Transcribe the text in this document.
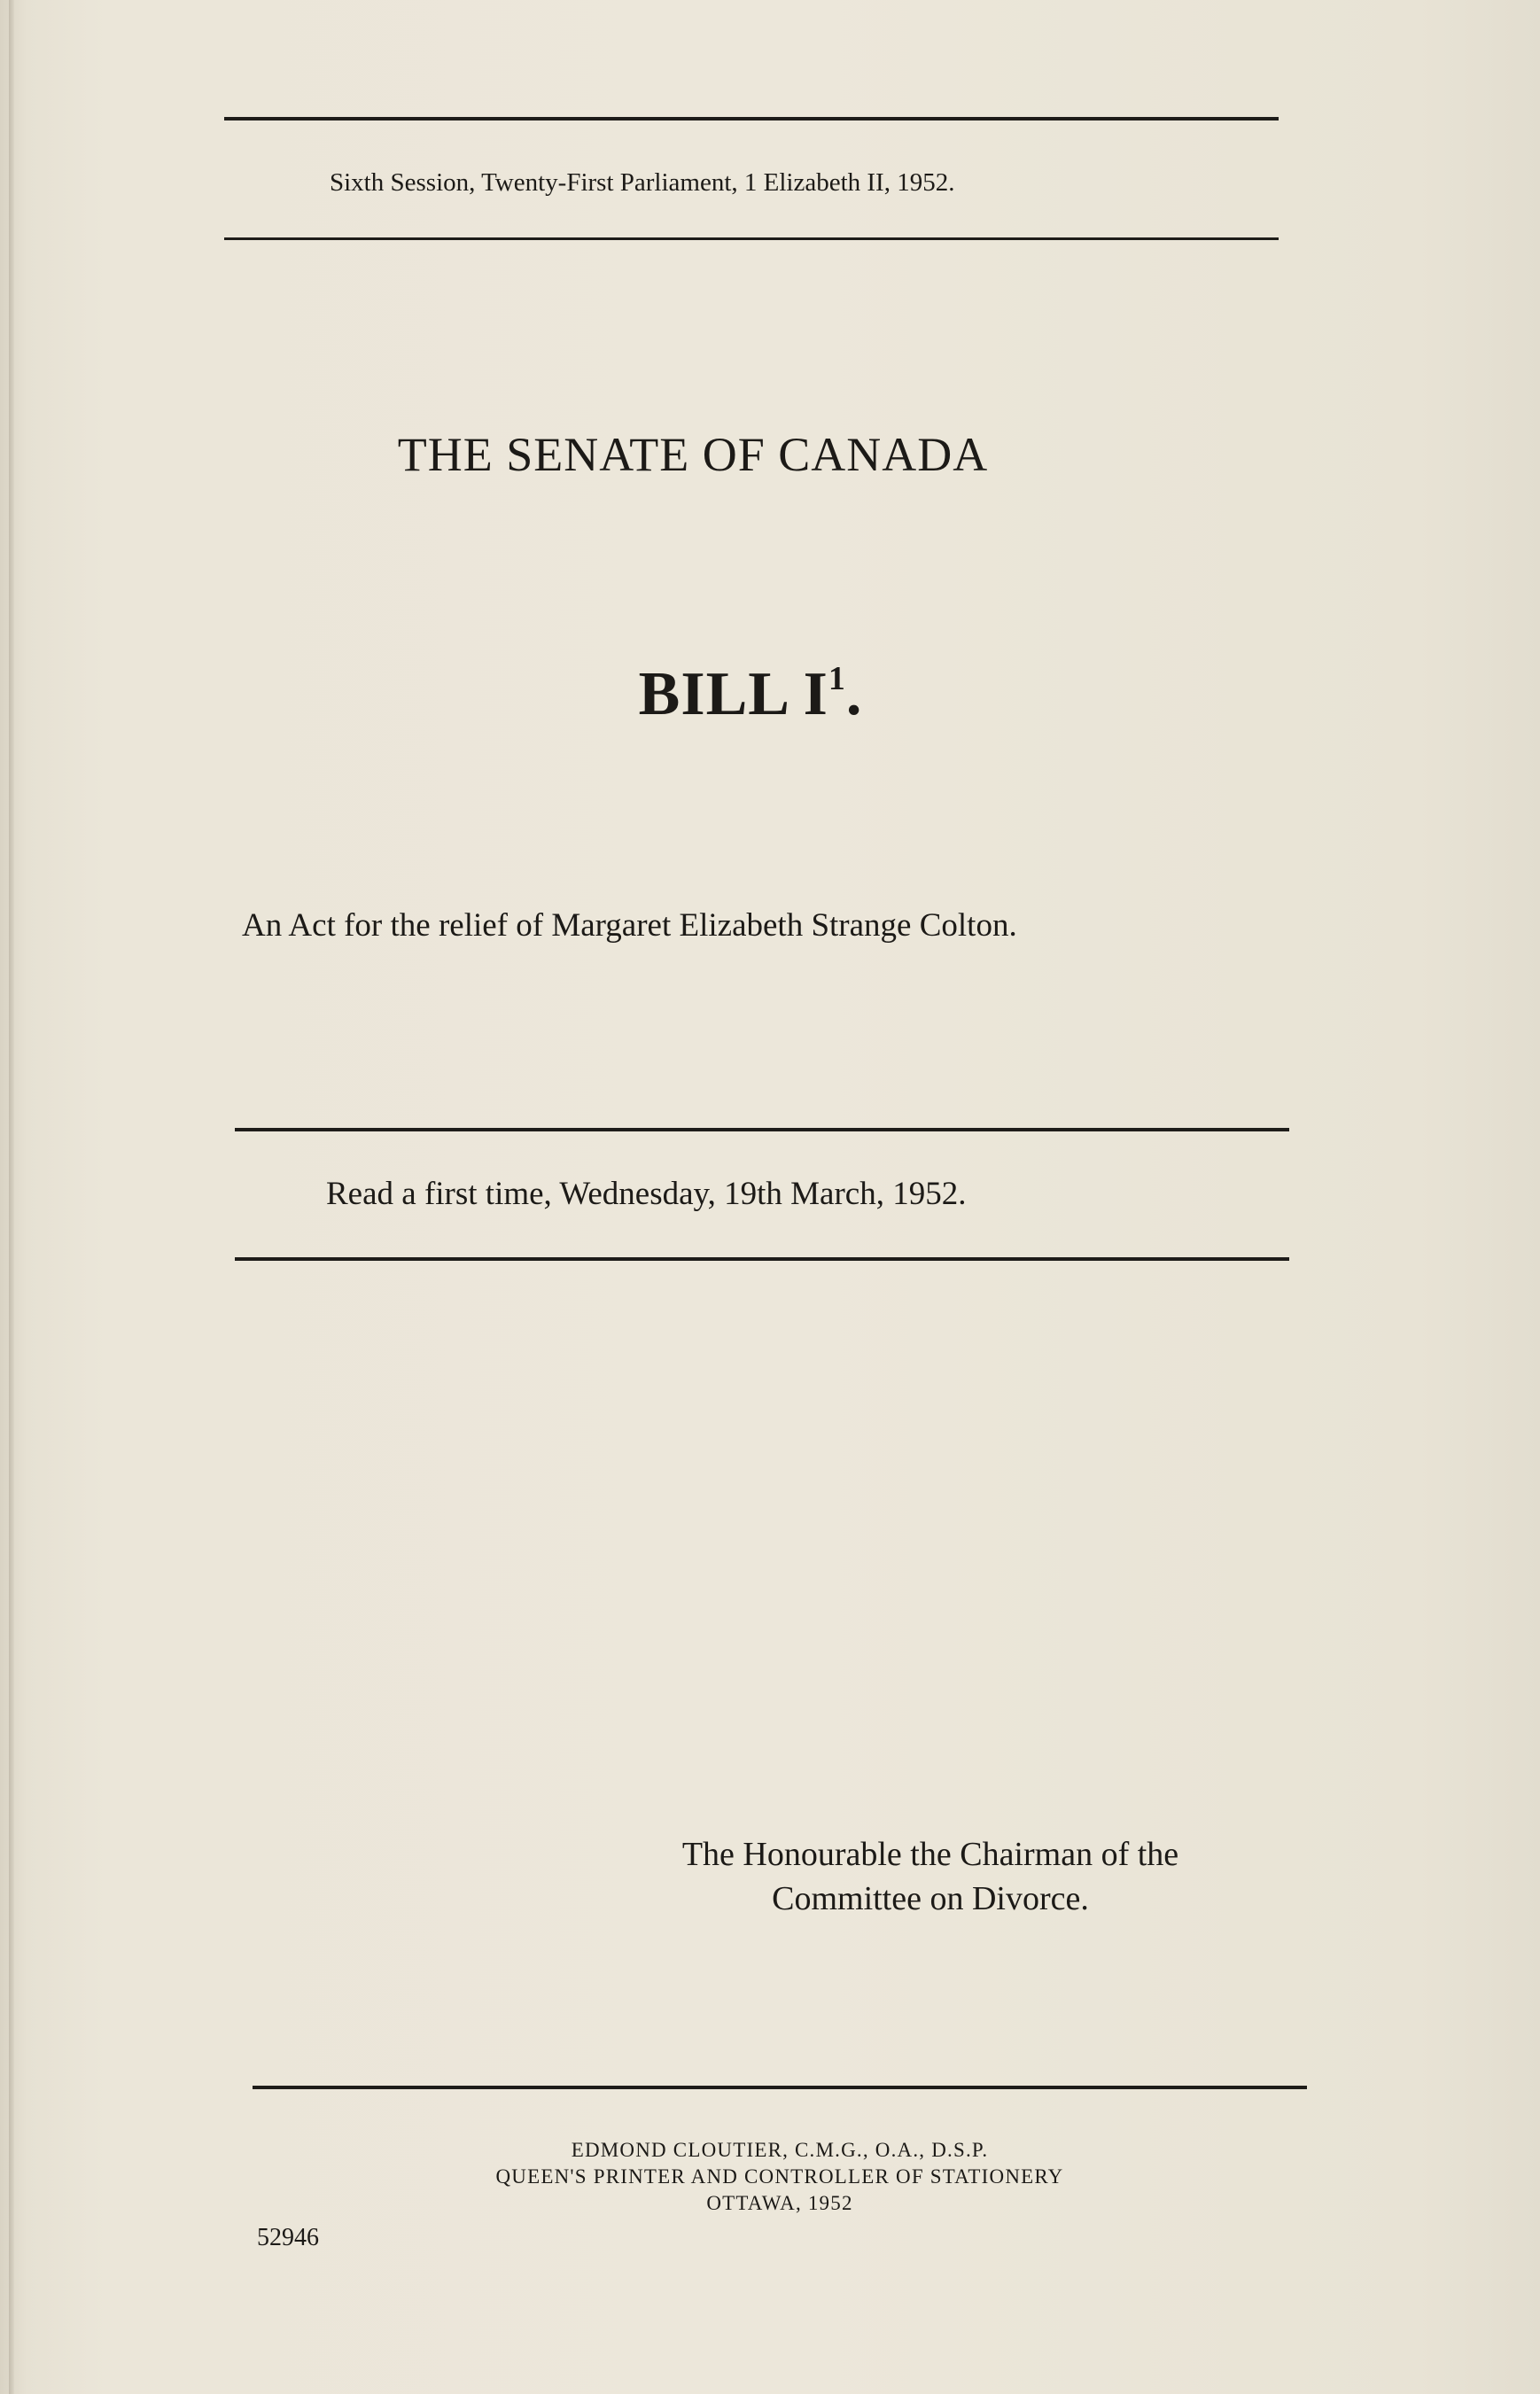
Sixth Session, Twenty-First Parliament, 1 Elizabeth II, 1952.
THE SENATE OF CANADA
BILL $I^1$.
An Act for the relief of Margaret Elizabeth Strange Colton.
Read a first time, Wednesday, 19th March, 1952.
The Honourable the Chairman of the
Committee on Divorce.
EDMOND CLOUTIER, C.M.G., O.A., D.S.P.
QUEEN'S PRINTER AND CONTROLLER OF STATIONERY
OTTAWA, 1952
52946
